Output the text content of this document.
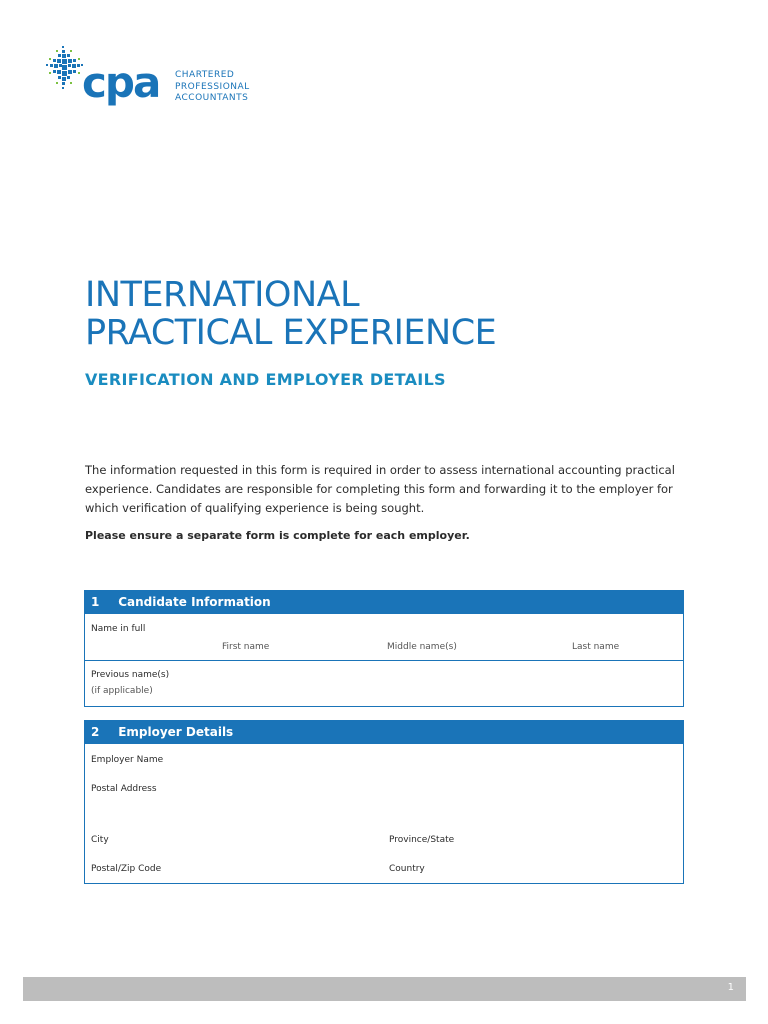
cpa CHARTERED
PROFESSIONAL
ACCOUNTANTS
INTERNATIONAL
PRACTICAL EXPERIENCE
VERIFICATION AND EMPLOYER DETAILS

The information requested in this form is required in order to assess international accounting practical experience. Candidates are responsible for completing this form and forwarding it to the employer for which verification of qualifying experience is being sought.

Please ensure a separate form is complete for each employer.

1 Candidate Information
Name in full
First name	Middle name(s)	Last name
Previous name(s)
(if applicable)
2 Employer Details
Employer Name
Postal Address
City	Province/State
Postal/Zip Code	Country
1
